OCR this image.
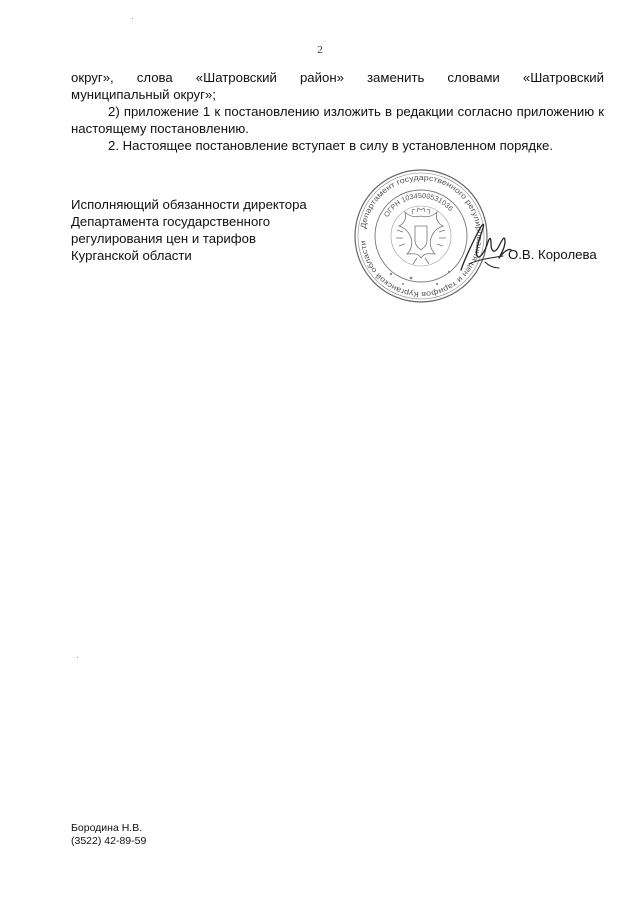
2

округ», слова «Шатровский район» заменить словами «Шатровский

муниципальный округ»;

2) приложение 1 к постановлению изложить в редакции согласно приложению к настоящему постановлению.

2. Настоящее постановление вступает в силу в установленном порядке.

Исполняющий обязанности директора
Департамента государственного
регулирования цен и тарифов
Курганской области
Департамент государственного регулирования цен и тарифов Курганской области
ОГРН 1034500531036
О.В. Королева
Бородина Н.В.
(3522) 42-89-59
